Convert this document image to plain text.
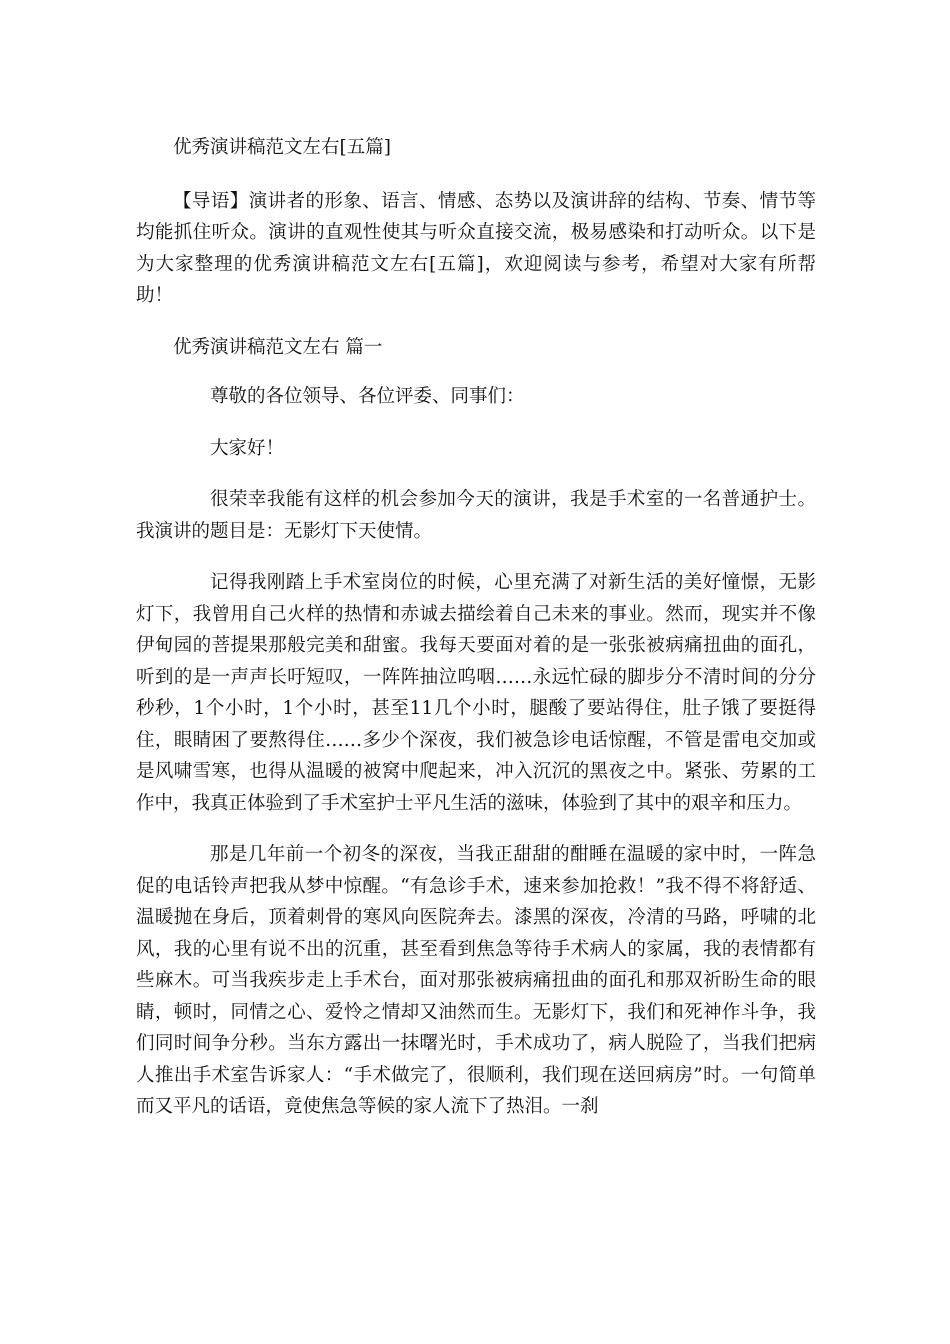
优秀演讲稿范文左右[五篇]

【导语】演讲者的形象、语言、情感、态势以及演讲辞的结构、节奏、情节等均能抓住听众。演讲的直观性使其与听众直接交流，极易感染和打动听众。以下是为大家整理的优秀演讲稿范文左右[五篇]，欢迎阅读与参考，希望对大家有所帮助！

优秀演讲稿范文左右 篇一

尊敬的各位领导、各位评委、同事们：

大家好！

很荣幸我能有这样的机会参加今天的演讲，我是手术室的一名普通护士。我演讲的题目是：无影灯下天使情。

记得我刚踏上手术室岗位的时候，心里充满了对新生活的美好憧憬，无影灯下，我曾用自己火样的热情和赤诚去描绘着自己未来的事业。然而，现实并不像伊甸园的菩提果那般完美和甜蜜。我每天要面对着的是一张张被病痛扭曲的面孔，听到的是一声声长吁短叹，一阵阵抽泣呜咽……永远忙碌的脚步分不清时间的分分秒秒，1个小时，1个小时，甚至11几个小时，腿酸了要站得住，肚子饿了要挺得住，眼睛困了要熬得住……多少个深夜，我们被急诊电话惊醒，不管是雷电交加或是风啸雪寒，也得从温暖的被窝中爬起来，冲入沉沉的黑夜之中。紧张、劳累的工作中，我真正体验到了手术室护士平凡生活的滋味，体验到了其中的艰辛和压力。

那是几年前一个初冬的深夜，当我正甜甜的酣睡在温暖的家中时，一阵急促的电话铃声把我从梦中惊醒。“有急诊手术，速来参加抢救！”我不得不将舒适、温暖抛在身后，顶着刺骨的寒风向医院奔去。漆黑的深夜，冷清的马路，呼啸的北风，我的心里有说不出的沉重，甚至看到焦急等待手术病人的家属，我的表情都有些麻木。可当我疾步走上手术台，面对那张被病痛扭曲的面孔和那双祈盼生命的眼睛，顿时，同情之心、爱怜之情却又油然而生。无影灯下，我们和死神作斗争，我们同时间争分秒。当东方露出一抹曙光时，手术成功了，病人脱险了，当我们把病人推出手术室告诉家人：“手术做完了，很顺利，我们现在送回病房”时。一句简单而又平凡的话语，竟使焦急等候的家人流下了热泪。一刹
